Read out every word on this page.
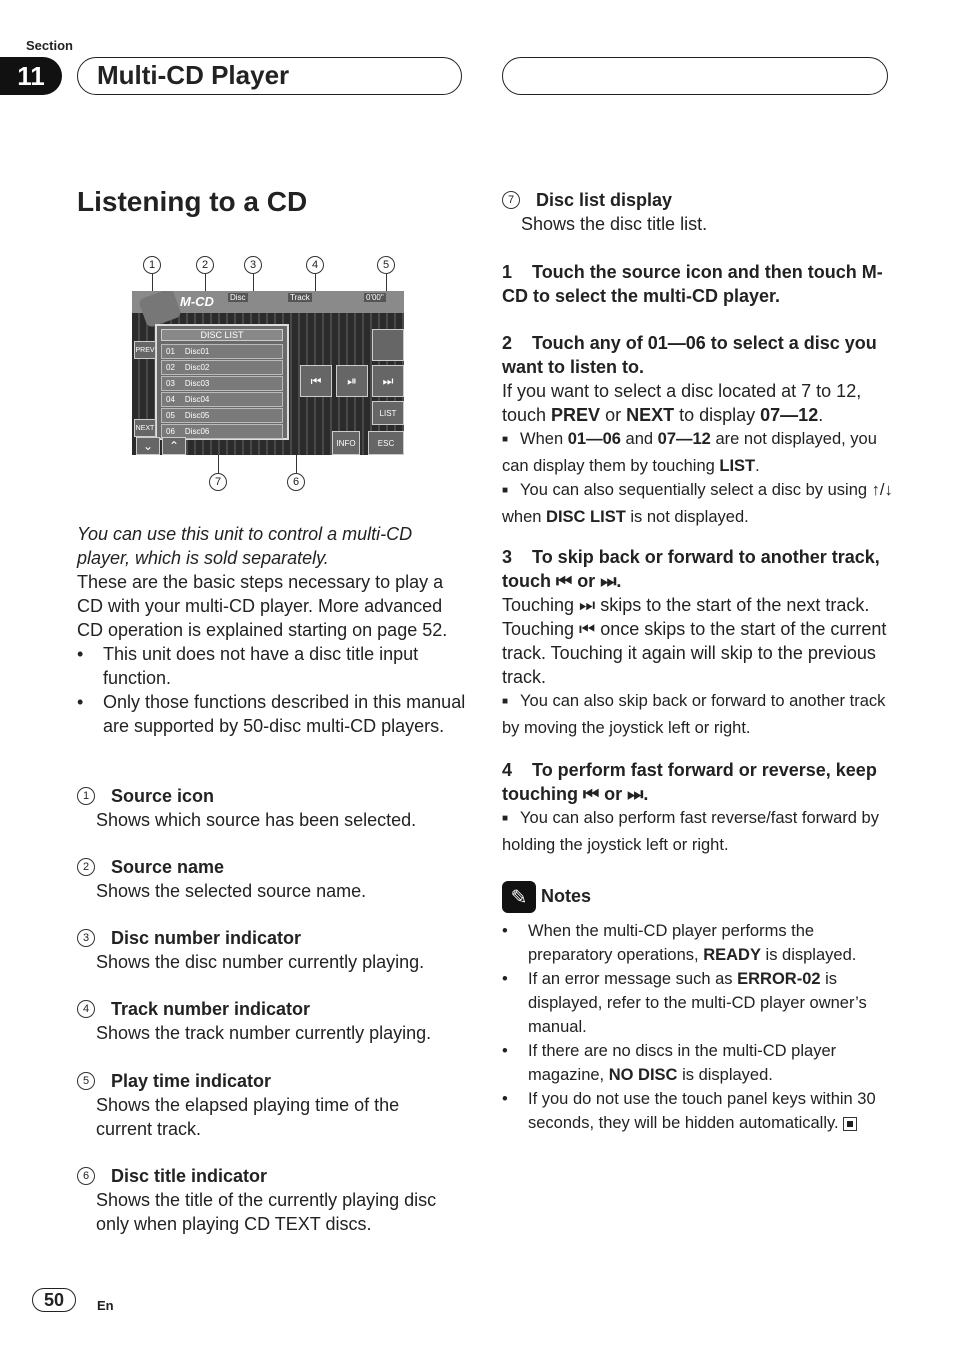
Section
11	Multi-CD Player
Listening to a CD
1	2	3	4	5
7	6
M-CD Disc	Track	0'00"
DISC LIST
01 Disc01
02 Disc02
03 Disc03
04 Disc04
05 Disc05
06 Disc06
PREV
NEXT
⌄ ⌃
⏮ ⏯ ⏭
LIST
INFO	ESC

You can use this unit to control a multi-CD player, which is sold separately.

These are the basic steps necessary to play a CD with your multi-CD player. More advanced CD operation is explained starting on page 52.

•	This unit does not have a disc title input function.
•	Only those functions described in this manual are supported by 50-disc multi-CD players.
1	Source icon
Shows which source has been selected.
2	Source name
Shows the selected source name.
3	Disc number indicator
Shows the disc number currently playing.
4	Track number indicator
Shows the track number currently playing.
5	Play time indicator
Shows the elapsed playing time of the current track.
6	Disc title indicator
Shows the title of the currently playing disc only when playing CD TEXT discs.
7	Disc list display
Shows the disc title list.
1 Touch the source icon and then touch M-CD to select the multi-CD player.

2 Touch any of 01—06 to select a disc you want to listen to.

If you want to select a disc located at 7 to 12, touch PREV or NEXT to display 07—12.

■ When 01—06 and 07—12 are not displayed, you can display them by touching LIST.

■ You can also sequentially select a disc by using ↑/↓ when DISC LIST is not displayed.

3 To skip back or forward to another track, touch ⏮ or ⏭.

Touching ⏭ skips to the start of the next track. Touching ⏮ once skips to the start of the current track. Touching it again will skip to the previous track.

■ You can also skip back or forward to another track by moving the joystick left or right.

4 To perform fast forward or reverse, keep touching ⏮ or ⏭.

■ You can also perform fast reverse/fast forward by holding the joystick left or right.

✎ Notes
•	When the multi-CD player performs the preparatory operations, READY is displayed.
•	If an error message such as ERROR-02 is displayed, refer to the multi-CD player owner’s manual.
•	If there are no discs in the multi-CD player magazine, NO DISC is displayed.
•	If you do not use the touch panel keys within 30 seconds, they will be hidden automatically.
50	En
